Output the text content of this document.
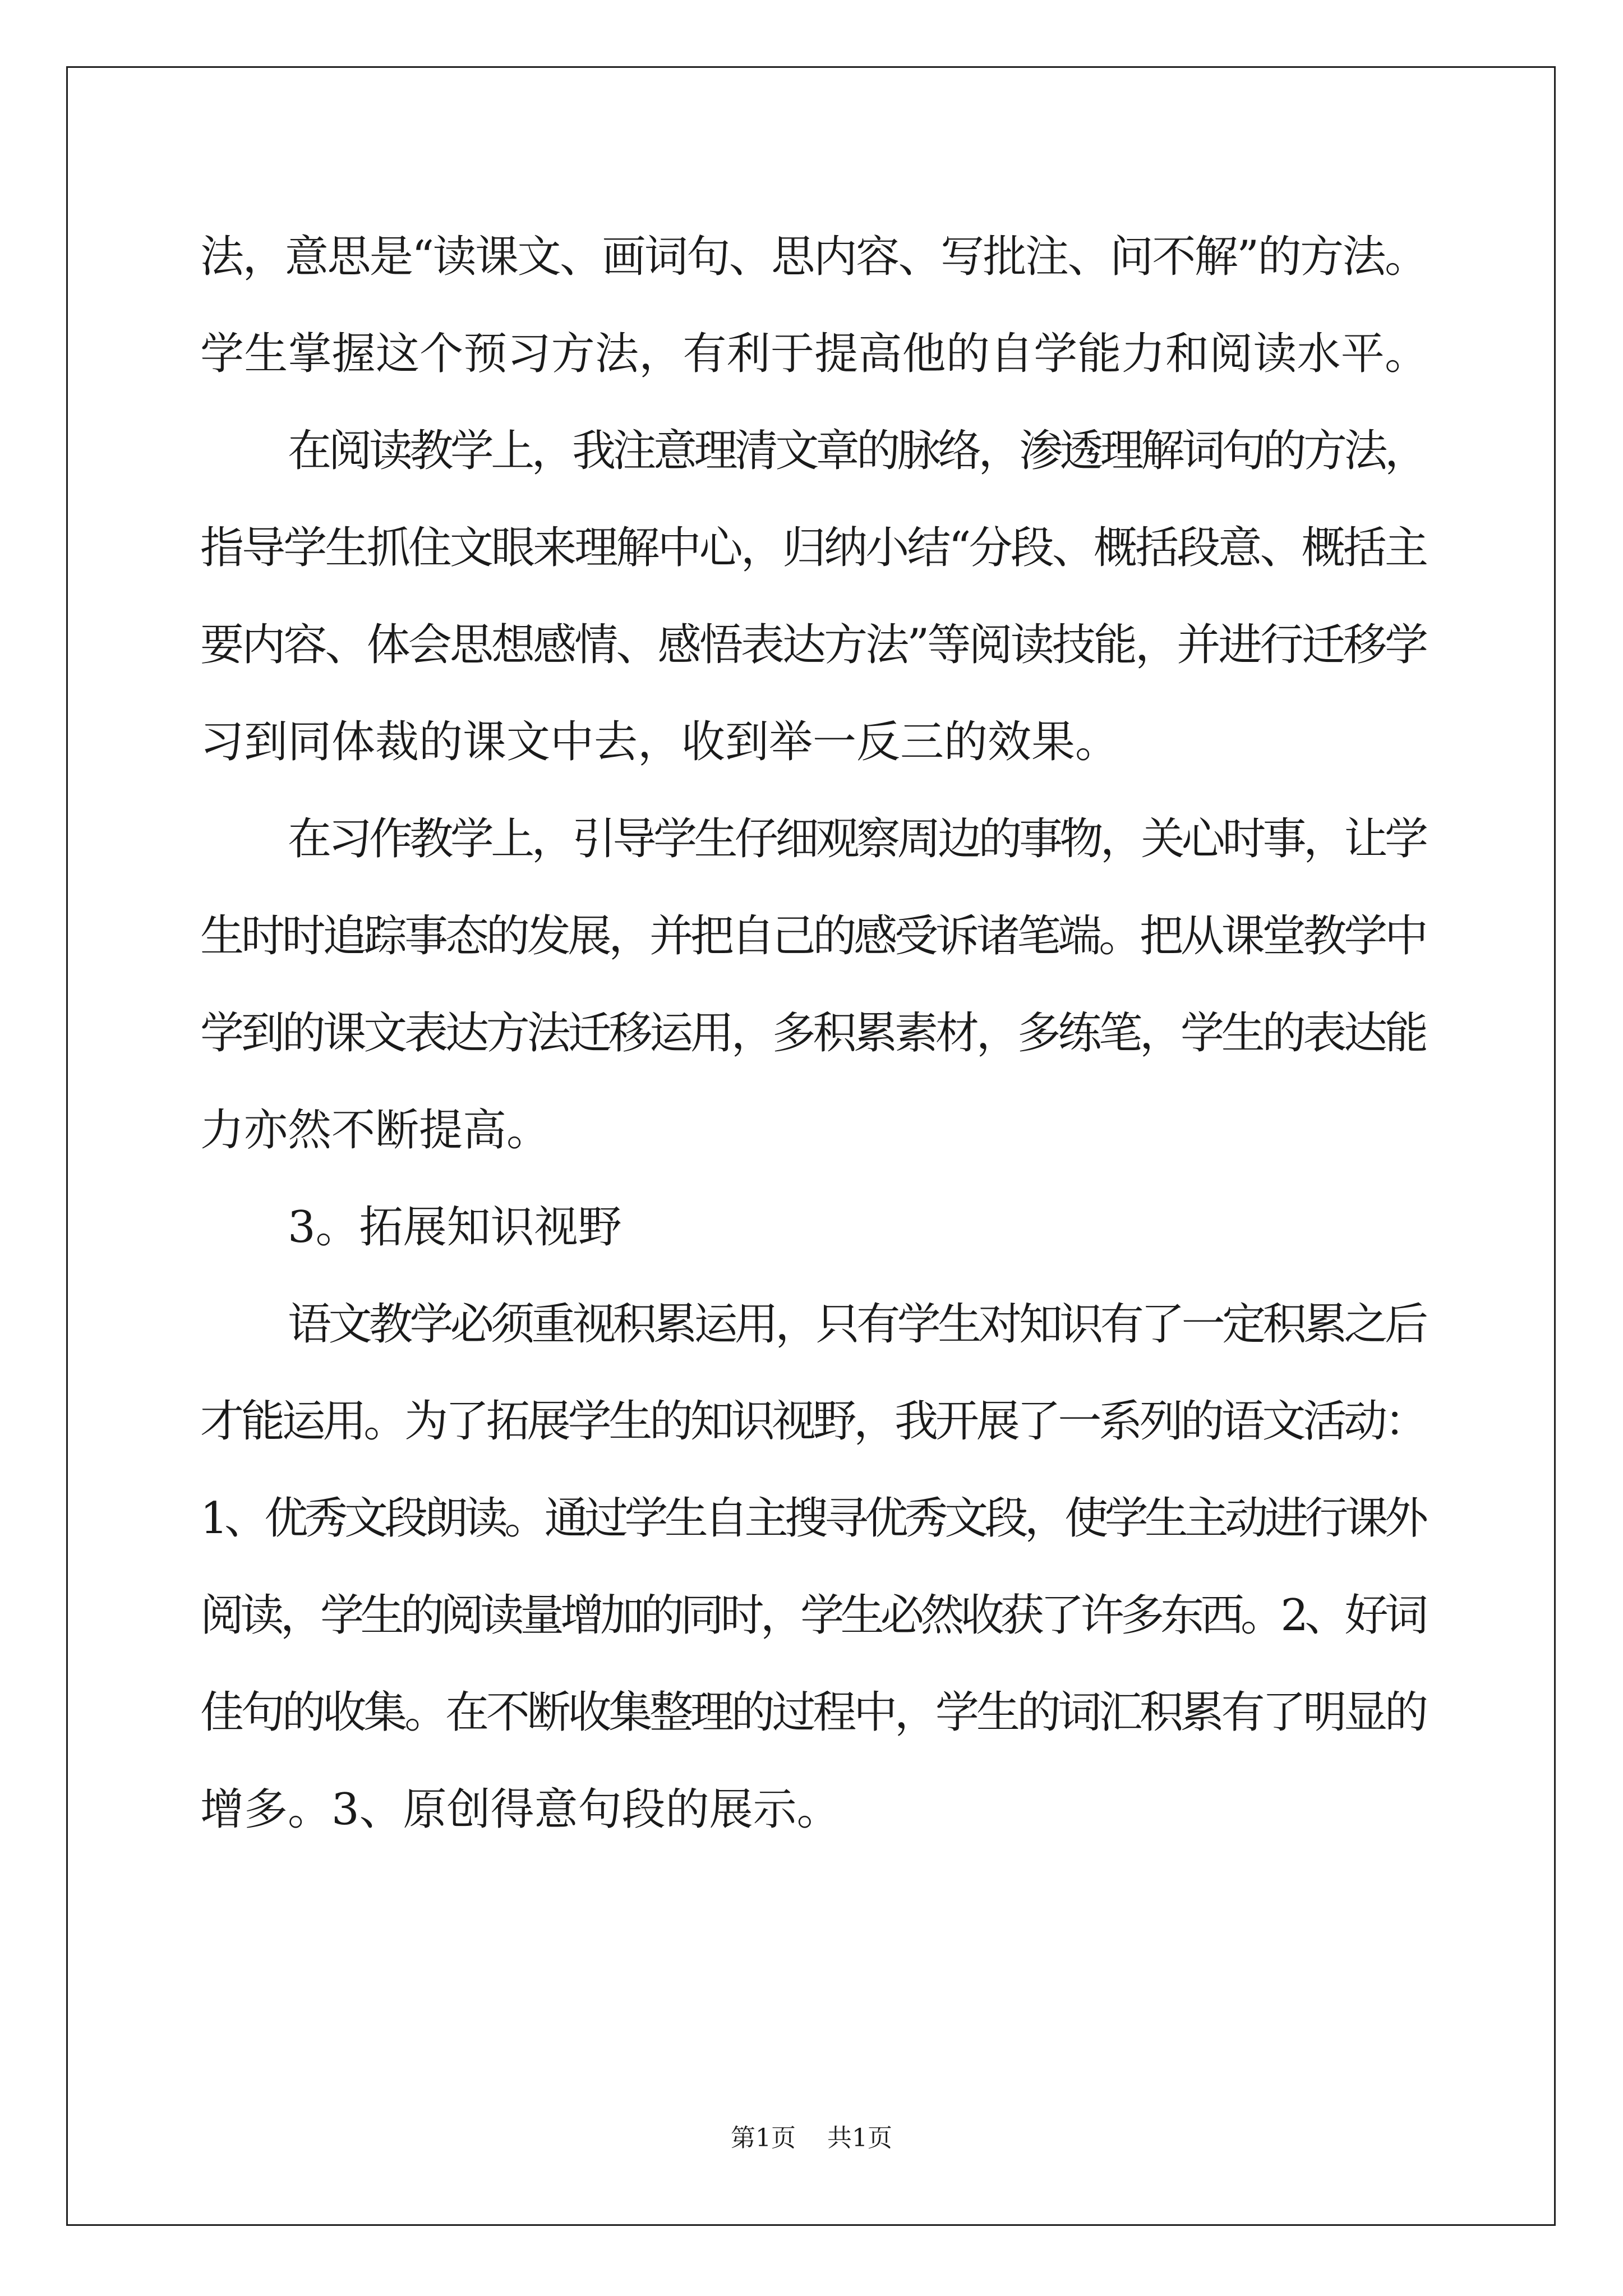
法，意思是“读课文、画词句、思内容、写批注、问不解”的方法。
学生掌握这个预习方法，有利于提高他的自学能力和阅读水平。
在阅读教学上，我注意理清文章的脉络，渗透理解词句的方法，
指导学生抓住文眼来理解中心，归纳小结“分段、概括段意、概括主
要内容、体会思想感情、感悟表达方法”等阅读技能，并进行迁移学
习到同体裁的课文中去，收到举一反三的效果。
在习作教学上，引导学生仔细观察周边的事物，关心时事，让学
生时时追踪事态的发展，并把自己的感受诉诸笔端。把从课堂教学中
学到的课文表达方法迁移运用，多积累素材，多练笔，学生的表达能
力亦然不断提高。
3。拓展知识视野
语文教学必须重视积累运用，只有学生对知识有了一定积累之后
才能运用。为了拓展学生的知识视野，我开展了一系列的语文活动：
1、优秀文段朗读。通过学生自主搜寻优秀文段，使学生主动进行课外
阅读，学生的阅读量增加的同时，学生必然收获了许多东西。2、好词
佳句的收集。在不断收集整理的过程中，学生的词汇积累有了明显的
增多。3、原创得意句段的展示。
第1页 共1页
